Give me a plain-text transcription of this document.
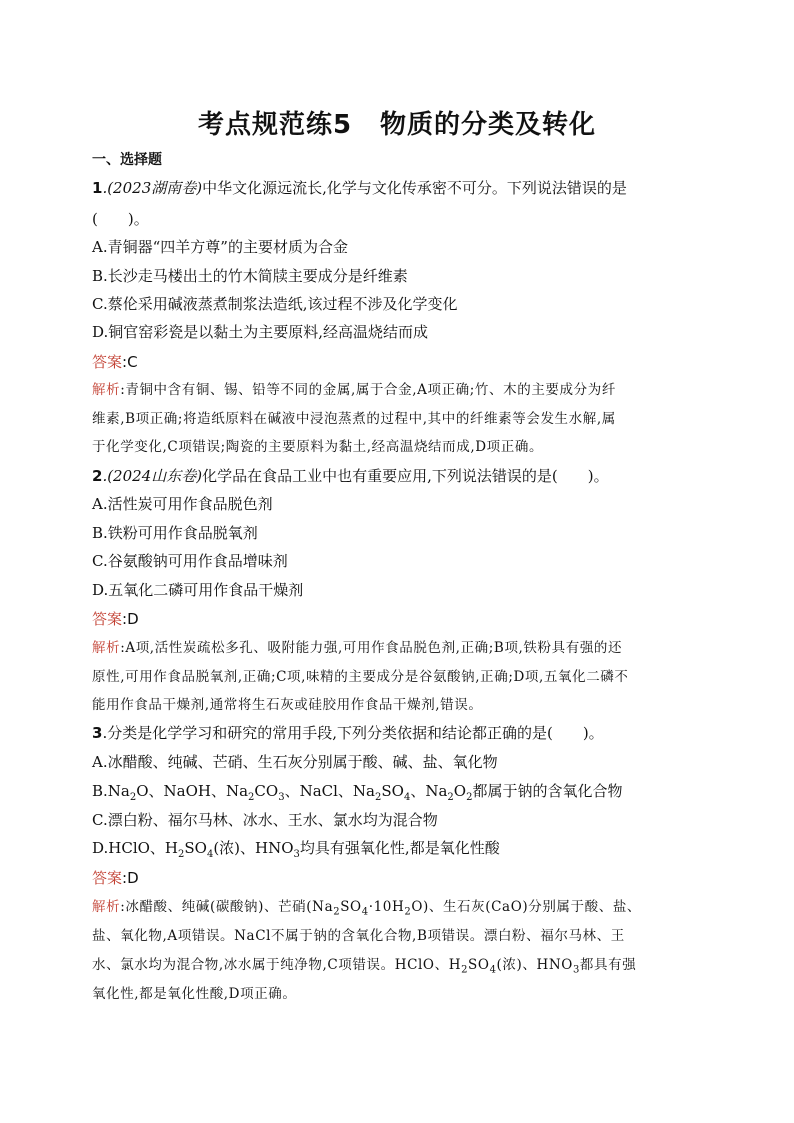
考点规范练5 物质的分类及转化
一、选择题
1.(2023湖南卷)中华文化源远流长,化学与文化传承密不可分。下列说法错误的是
(　　)。
A.青铜器“四羊方尊”的主要材质为合金
B.长沙走马楼出土的竹木简牍主要成分是纤维素
C.蔡伦采用碱液蒸煮制浆法造纸,该过程不涉及化学变化
D.铜官窑彩瓷是以黏土为主要原料,经高温烧结而成
答案:C
解析:青铜中含有铜、锡、铅等不同的金属,属于合金,A项正确;竹、木的主要成分为纤
维素,B项正确;将造纸原料在碱液中浸泡蒸煮的过程中,其中的纤维素等会发生水解,属
于化学变化,C项错误;陶瓷的主要原料为黏土,经高温烧结而成,D项正确。
2.(2024山东卷)化学品在食品工业中也有重要应用,下列说法错误的是(　　)。
A.活性炭可用作食品脱色剂
B.铁粉可用作食品脱氧剂
C.谷氨酸钠可用作食品增味剂
D.五氧化二磷可用作食品干燥剂
答案:D
解析:A项,活性炭疏松多孔、吸附能力强,可用作食品脱色剂,正确;B项,铁粉具有强的还
原性,可用作食品脱氧剂,正确;C项,味精的主要成分是谷氨酸钠,正确;D项,五氧化二磷不
能用作食品干燥剂,通常将生石灰或硅胶用作食品干燥剂,错误。
3.分类是化学学习和研究的常用手段,下列分类依据和结论都正确的是(　　)。
A.冰醋酸、纯碱、芒硝、生石灰分别属于酸、碱、盐、氧化物
$B.Na_2O$、NaOH、$Na_2CO_3$、NaCl、$Na_2SO_4$、$Na_2O_2$都属于钠的含氧化合物
C.漂白粉、福尔马林、冰水、王水、氯水均为混合物
D.HClO、$H_2SO_4$(浓)、$HNO_3$均具有强氧化性,都是氧化性酸
答案:D
解析:冰醋酸、纯碱(碳酸钠)、芒硝$(Na_2SO_4\cdot 10H_2O)$、生石灰(CaO)分别属于酸、盐、
盐、氧化物,A项错误。NaCl不属于钠的含氧化合物,B项错误。漂白粉、福尔马林、王
水、氯水均为混合物,冰水属于纯净物,C项错误。HClO、$H_2SO_4$(浓)、$HNO_3$都具有强
氧化性,都是氧化性酸,D项正确。
